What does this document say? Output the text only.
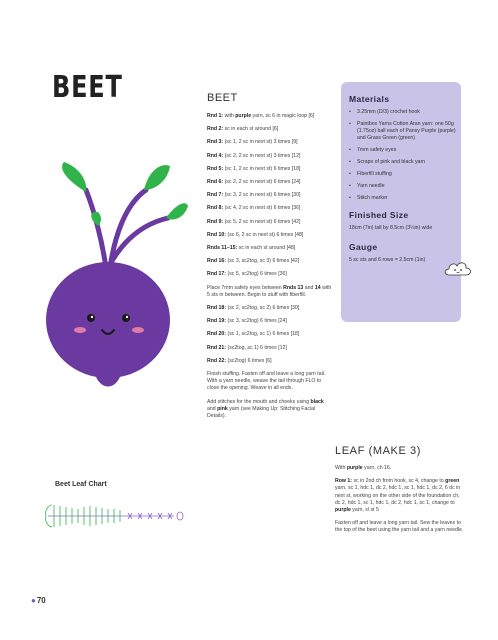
BEET	BEET

Rnd 1: with purple yarn, sc 6 in magic loop [6]

Rnd 2: sc in each st around [6]

Rnd 3: (sc 1, 2 sc in next st) 3 times [9]

Rnd 4: (sc 2, 2 sc in next st) 3 times [12]

Rnd 5: (sc 1, 2 sc in next st) 6 times [18]

Rnd 6: (sc 2, 2 sc in next st) 6 times [24]

Rnd 7: (sc 3, 2 sc in next st) 6 times [30]

Rnd 8: (sc 4, 2 sc in next st) 6 times [36]

Rnd 9: (sc 5, 2 sc in next st) 6 times [42]

Rnd 10: (sc 6, 2 sc in next st) 6 times [48]

Rnds 11–15: sc in each st around [48]

Rnd 16: (sc 3, sc2tog, sc 3) 6 times [42]

Rnd 17: (sc 5, sc2tog) 6 times [36]

Place 7mm safety eyes between Rnds 13 and 14 with 5 sts in between. Begin to stuff with fiberfill.

Rnd 18: (sc 2, sc2tog, sc 2) 6 times [30]

Rnd 19: (sc 3, sc2tog) 6 times [24]

Rnd 20: (sc 1, sc2tog, sc 1) 6 times [18]

Rnd 21: (sc2tog, sc 1) 6 times [12]

Rnd 22: (sc2tog) 6 times [6]

Finish stuffing. Fasten off and leave a long yarn tail. With a yarn needle, weave the tail through FLO to close the opening. Weave in all ends.

Add stitches for the mouth and cheeks using black and pink yarn (see Making Up: Stitching Facial Details).

Materials
• 3.25mm (D/3) crochet hook
• Paintbox Yarns Cotton Aran yarn: one 50g (1.75oz) ball each of Pansy Purple (purple) and Grass Green (green)
• 7mm safety eyes
• Scraps of pink and black yarn
• Fiberfill stuffing
• Yarn needle
• Stitch marker
Finished Size

18cm (7in) tall by 8.5cm (3¼in) wide

Gauge

5 sc sts and 6 rows = 2.5cm (1in)

LEAF (MAKE 3)

With purple yarn, ch 16.

Row 1: sc in 2nd ch from hook, sc 4, change to green yarn, sc 1, hdc 1, dc 2, hdc 1, sc 1, hdc 1, dc 2, 6 dc in next st, working on the other side of the foundation ch, dc 2, hdc 1, sc 1, hdc 1, dc 2, hdc 1, sc 1, change to purple yarn, sl st 5

Fasten off and leave a long yarn tail. Sew the leaves to the top of the beet using the yarn tail and a yarn needle.

Beet Leaf Chart
●70
